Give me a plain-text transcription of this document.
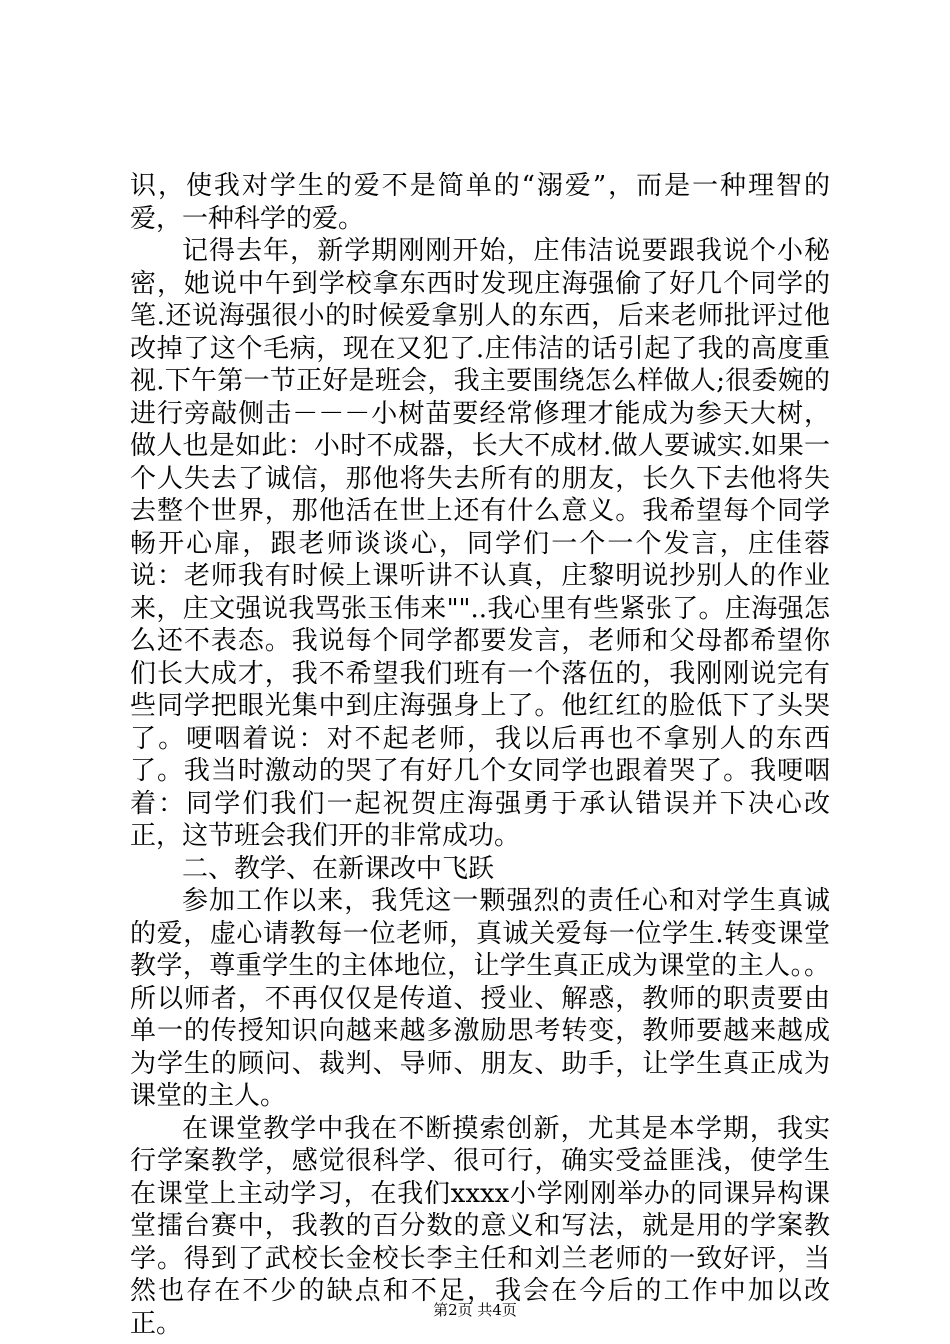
识，使我对学生的爱不是简单的“溺爱”，而是一种理智的爱，一种科学的爱。

记得去年，新学期刚刚开始，庄伟洁说要跟我说个小秘密，她说中午到学校拿东西时发现庄海强偷了好几个同学的笔.还说海强很小的时候爱拿别人的东西，后来老师批评过他改掉了这个毛病，现在又犯了.庄伟洁的话引起了我的高度重视.下午第一节正好是班会，我主要围绕怎么样做人;很委婉的进行旁敲侧击－－－小树苗要经常修理才能成为参天大树，做人也是如此：小时不成器，长大不成材.做人要诚实.如果一个人失去了诚信，那他将失去所有的朋友，长久下去他将失去整个世界，那他活在世上还有什么意义。我希望每个同学畅开心扉，跟老师谈谈心，同学们一个一个发言，庄佳蓉说：老师我有时候上课听讲不认真，庄黎明说抄别人的作业来，庄文强说我骂张玉伟来""..我心里有些紧张了。庄海强怎么还不表态。我说每个同学都要发言，老师和父母都希望你们长大成才，我不希望我们班有一个落伍的，我刚刚说完有些同学把眼光集中到庄海强身上了。他红红的脸低下了头哭了。哽咽着说：对不起老师，我以后再也不拿别人的东西了。我当时激动的哭了有好几个女同学也跟着哭了。我哽咽着：同学们我们一起祝贺庄海强勇于承认错误并下决心改正，这节班会我们开的非常成功。

二、教学、在新课改中飞跃

参加工作以来，我凭这一颗强烈的责任心和对学生真诚的爱，虚心请教每一位老师，真诚关爱每一位学生.转变课堂教学，尊重学生的主体地位，让学生真正成为课堂的主人。。所以师者，不再仅仅是传道、授业、解惑，教师的职责要由单一的传授知识向越来越多激励思考转变，教师要越来越成为学生的顾问、裁判、导师、朋友、助手，让学生真正成为课堂的主人。

在课堂教学中我在不断摸索创新，尤其是本学期，我实行学案教学，感觉很科学、很可行，确实受益匪浅，使学生在课堂上主动学习，在我们xxxx小学刚刚举办的同课异构课堂擂台赛中，我教的百分数的意义和写法，就是用的学案教学。得到了武校长金校长李主任和刘兰老师的一致好评，当然也存在不少的缺点和不足，我会在今后的工作中加以改正。	第2页 共4页
